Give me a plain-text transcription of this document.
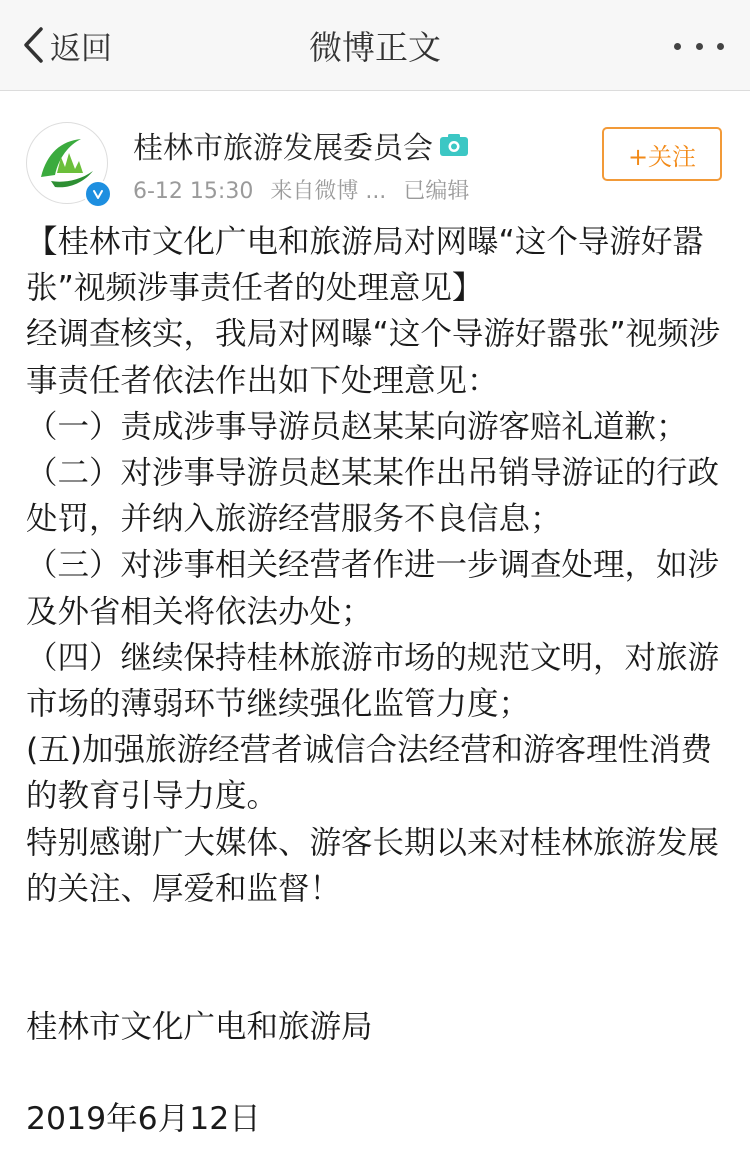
返回	微博正文
桂林市旅游发展委员会
6-12 15:30 来自微博 ... 已编辑
+关注

【桂林市文化广电和旅游局对网曝“这个导游好嚣张”视频涉事责任者的处理意见】

经调查核实，我局对网曝“这个导游好嚣张”视频涉事责任者依法作出如下处理意见：

（一）责成涉事导游员赵某某向游客赔礼道歉；

（二）对涉事导游员赵某某作出吊销导游证的行政处罚，并纳入旅游经营服务不良信息；

（三）对涉事相关经营者作进一步调查处理，如涉及外省相关将依法办处；

（四）继续保持桂林旅游市场的规范文明，对旅游市场的薄弱环节继续强化监管力度；

(五)加强旅游经营者诚信合法经营和游客理性消费的教育引导力度。

特别感谢广大媒体、游客长期以来对桂林旅游发展的关注、厚爱和监督！

桂林市文化广电和旅游局

2019年6月12日
